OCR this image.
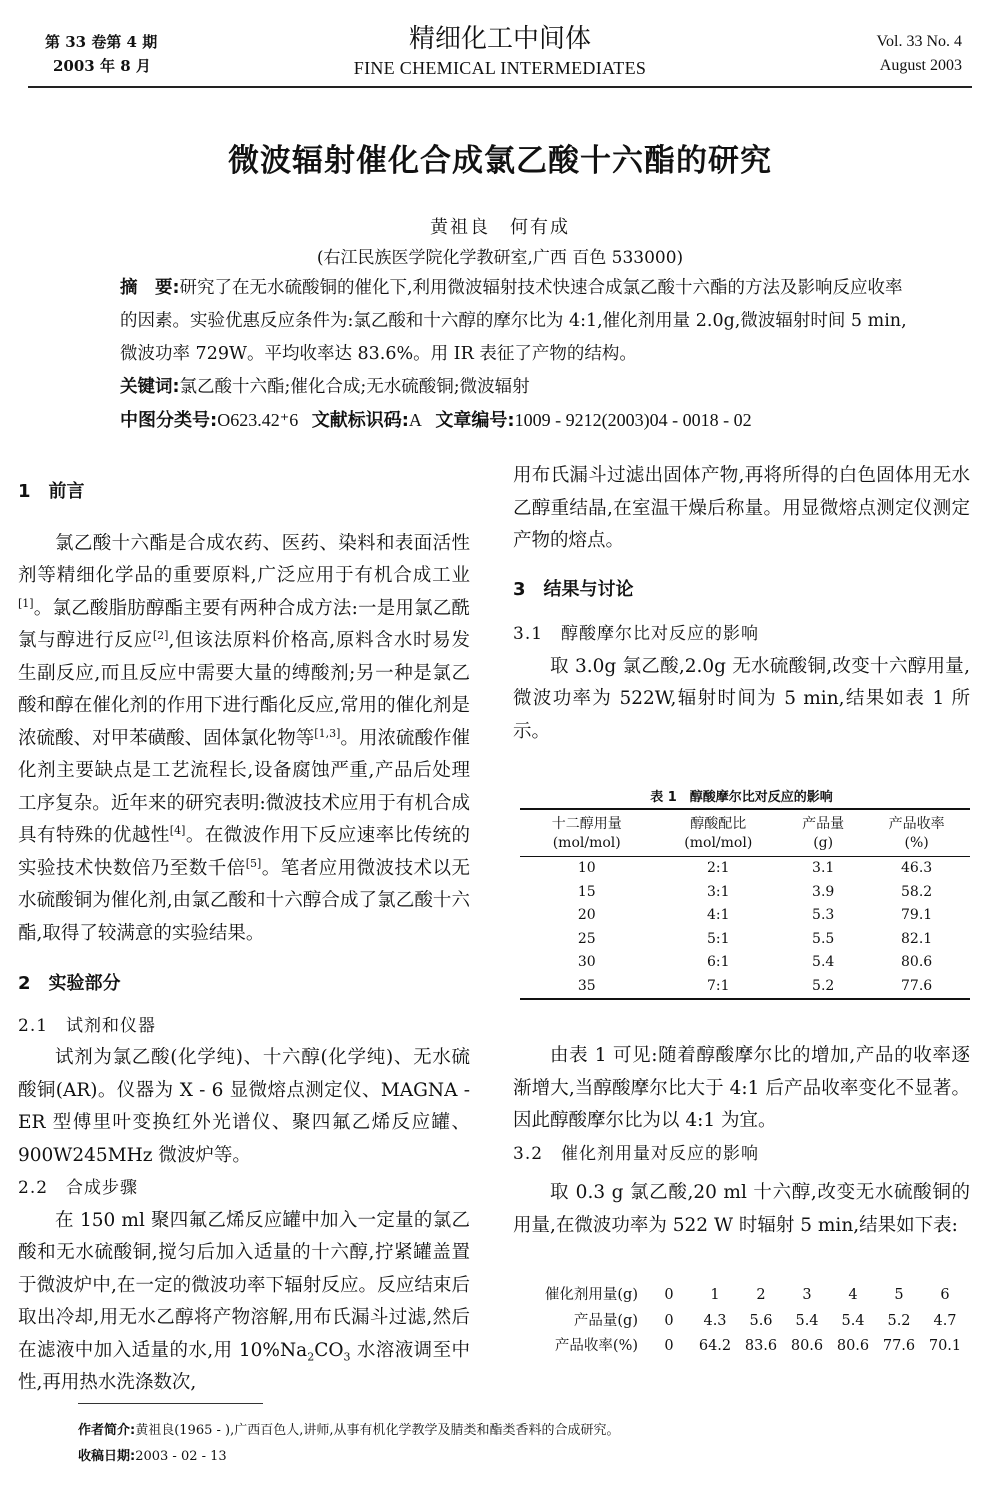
第 33 卷第 4 期
2003 年 8 月
精细化工中间体
FINE CHEMICAL INTERMEDIATES
Vol. 33 No. 4
August 2003
微波辐射催化合成氯乙酸十六酯的研究
黄祖良　何有成
(右江民族医学院化学教研室,广西 百色 533000)

摘　要:研究了在无水硫酸铜的催化下,利用微波辐射技术快速合成氯乙酸十六酯的方法及影响反应收率的因素。实验优惠反应条件为:氯乙酸和十六醇的摩尔比为 4:1,催化剂用量 2.0g,微波辐射时间 5 min,微波功率 729W。平均收率达 83.6%。用 IR 表征了产物的结构。

关键词:氯乙酸十六酯;催化合成;无水硫酸铜;微波辐射

中图分类号:O623.42⁺6 文献标识码:A 文章编号:1009 - 9212(2003)04 - 0018 - 02

1　前言

氯乙酸十六酯是合成农药、医药、染料和表面活性剂等精细化学品的重要原料,广泛应用于有机合成工业[1]。氯乙酸脂肪醇酯主要有两种合成方法:一是用氯乙酰氯与醇进行反应[2],但该法原料价格高,原料含水时易发生副反应,而且反应中需要大量的缚酸剂;另一种是氯乙酸和醇在催化剂的作用下进行酯化反应,常用的催化剂是浓硫酸、对甲苯磺酸、固体氯化物等[1,3]。用浓硫酸作催化剂主要缺点是工艺流程长,设备腐蚀严重,产品后处理工序复杂。近年来的研究表明:微波技术应用于有机合成具有特殊的优越性[4]。在微波作用下反应速率比传统的实验技术快数倍乃至数千倍[5]。笔者应用微波技术以无水硫酸铜为催化剂,由氯乙酸和十六醇合成了氯乙酸十六酯,取得了较满意的实验结果。

2　实验部分

2.1　试剂和仪器

试剂为氯乙酸(化学纯)、十六醇(化学纯)、无水硫酸铜(AR)。仪器为 X - 6 显微熔点测定仪、MAGNA - ER 型傅里叶变换红外光谱仪、聚四氟乙烯反应罐、900W245MHz 微波炉等。

2.2　合成步骤

在 150 ml 聚四氟乙烯反应罐中加入一定量的氯乙酸和无水硫酸铜,搅匀后加入适量的十六醇,拧紧罐盖置于微波炉中,在一定的微波功率下辐射反应。反应结束后取出冷却,用无水乙醇将产物溶解,用布氏漏斗过滤,然后在滤液中加入适量的水,用 $10\%Na_2CO_3$ 水溶液调至中性,再用热水洗涤数次,

用布氏漏斗过滤出固体产物,再将所得的白色固体用无水乙醇重结晶,在室温干燥后称量。用显微熔点测定仪测定产物的熔点。

3　结果与讨论

3.1　醇酸摩尔比对反应的影响

取 3.0g 氯乙酸,2.0g 无水硫酸铜,改变十六醇用量,微波功率为 522W,辐射时间为 5 min,结果如表 1 所示。

表 1　醇酸摩尔比对反应的影响
十二醇用量	醇酸配比	产品量	产品收率
(mol/mol)	(mol/mol)	(g)	(%)
10	2:1	3.1	46.3
15	3:1	3.9	58.2
20	4:1	5.3	79.1
25	5:1	5.5	82.1
30	6:1	5.4	80.6
35	7:1	5.2	77.6

由表 1 可见:随着醇酸摩尔比的增加,产品的收率逐渐增大,当醇酸摩尔比大于 4:1 后产品收率变化不显著。因此醇酸摩尔比为以 4:1 为宜。

3.2　催化剂用量对反应的影响

取 0.3 g 氯乙酸,20 ml 十六醇,改变无水硫酸铜的用量,在微波功率为 522 W 时辐射 5 min,结果如下表:

催化剂用量(g)	0	1	2	3	4	5	6
产品量(g)	0	4.3	5.6	5.4	5.4	5.2	4.7
产品收率(%)	0	64.2	83.6	80.6	80.6	77.6	70.1
作者简介:黄祖良(1965 - ),广西百色人,讲师,从事有机化学教学及腈类和酯类香料的合成研究。
收稿日期:2003 - 02 - 13
